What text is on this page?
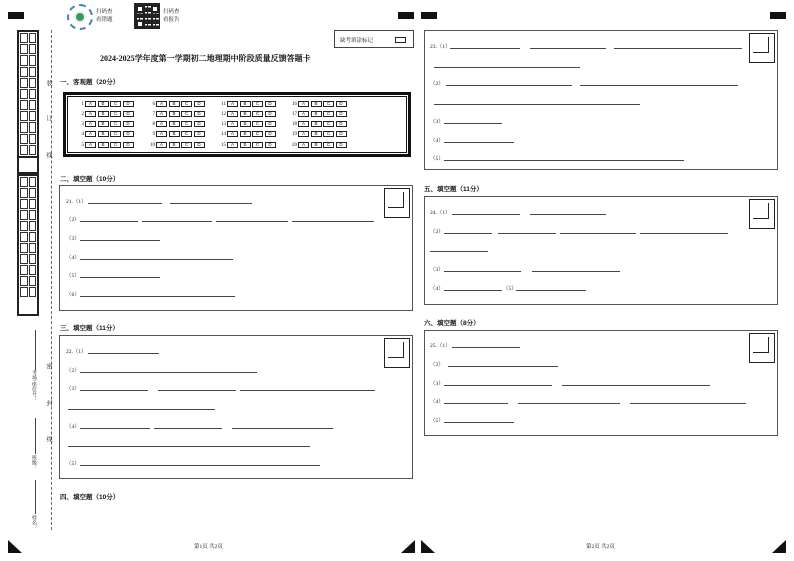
扫码查
看错题
扫码查
看报告
缺考填涂标记
2024-2025学年度第一学期初二地理期中阶段质量反馈答题卡
装
订
线
密
封
线
考场/座位号：
班级：
姓名：
一、客观题（20分）
1	A	B	C	D
2	A	B	C	D
3	A	B	C	D
4	A	B	C	D
5	A	B	C	D
6	A	B	C	D
7	A	B	C	D
8	A	B	C	D
9	A	B	C	D
10	A	B	C	D
11	A	B	C	D
12	A	B	C	D
13	A	B	C	D
14	A	B	C	D
15	A	B	C	D
16	A	B	C	D
17	A	B	C	D
18	A	B	C	D
19	A	B	C	D
20	A	B	C	D
二、填空题（10分）
21.（1）
（2）
（3）
（4）
（5）
（6）
三、填空题（11分）
22.（1）
（2）
（3）
（4）
（5）
四、填空题（10分）
23.（1）
（2）
（3）
（4）
（5）
五、填空题（11分）
24.（1）
（2）
（3）
（4）	（5）
六、填空题（8分）
25.（1）
（2）
（3）
（4）
（5）
第1页 共2页	第2页 共2页
